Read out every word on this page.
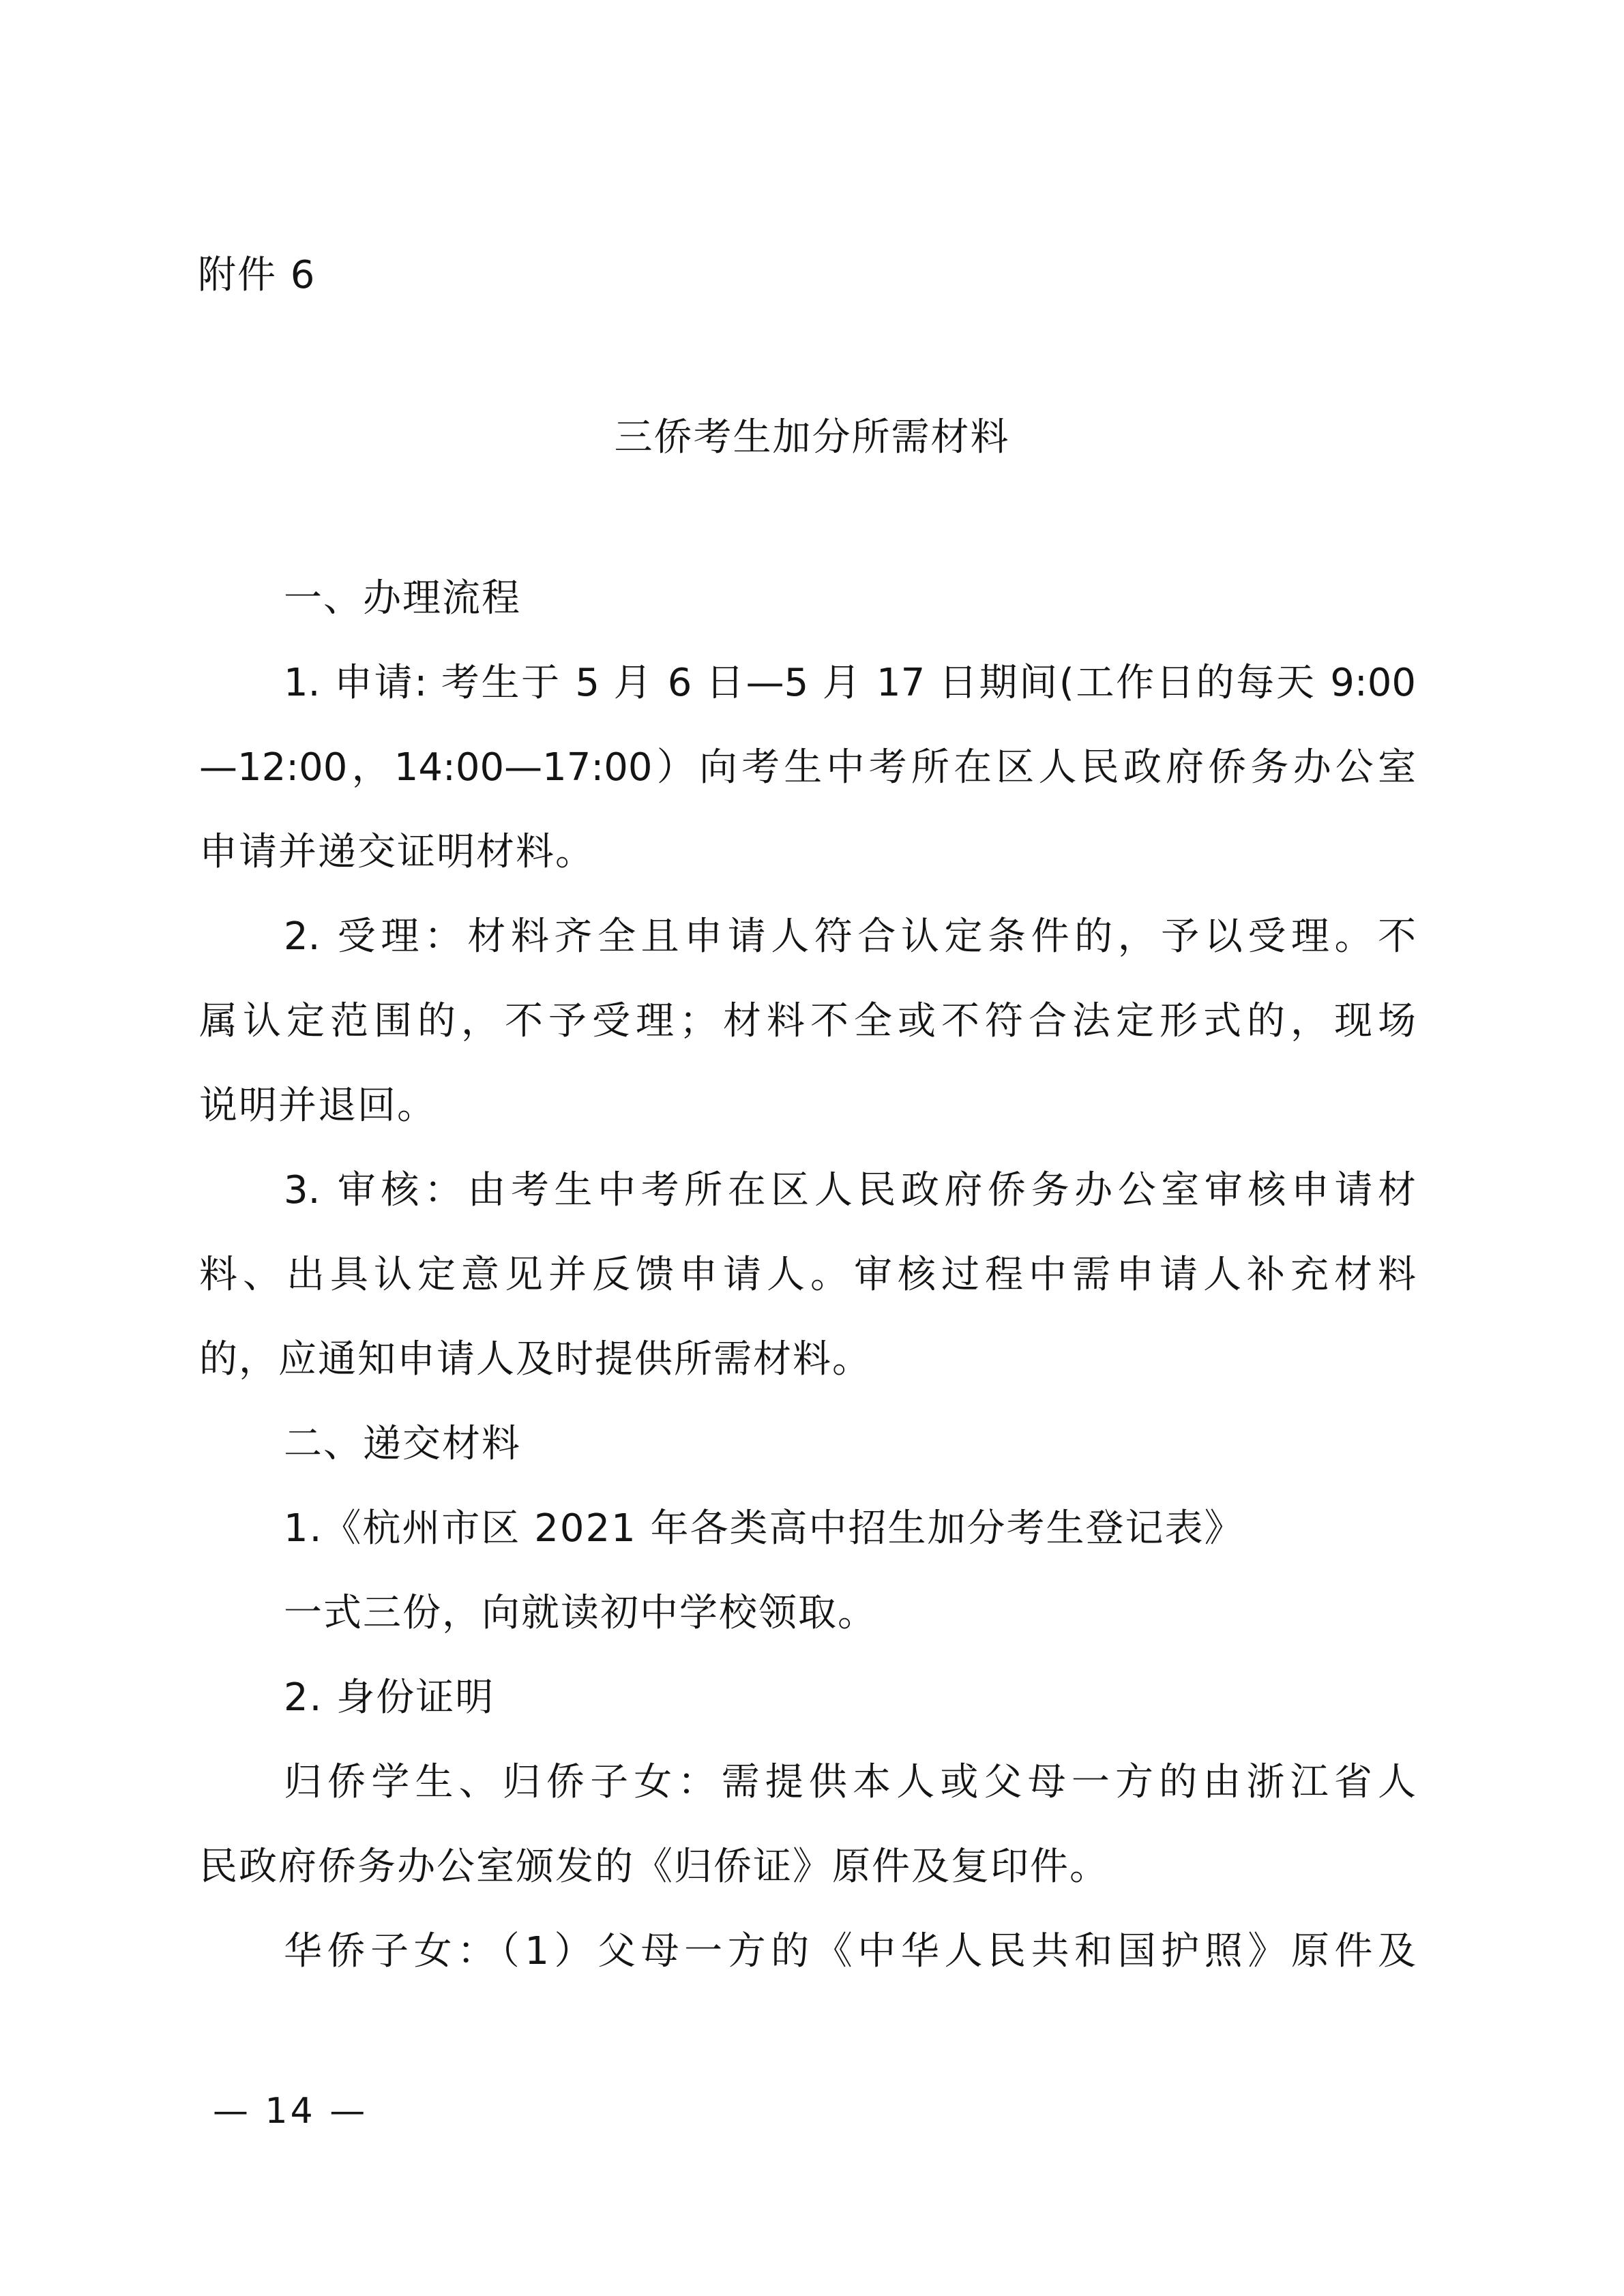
附件 6
三侨考生加分所需材料
一、办理流程
1. 申请: 考生于 5 月 6 日—5 月 17 日期间(工作日的每天 9:00
—12:00，14:00—17:00）向考生中考所在区人民政府侨务办公室
申请并递交证明材料。
2. 受理：材料齐全且申请人符合认定条件的，予以受理。不
属认定范围的，不予受理；材料不全或不符合法定形式的，现场
说明并退回。
3. 审核：由考生中考所在区人民政府侨务办公室审核申请材
料、出具认定意见并反馈申请人。审核过程中需申请人补充材料
的，应通知申请人及时提供所需材料。
二、递交材料
1.《杭州市区 2021 年各类高中招生加分考生登记表》
一式三份，向就读初中学校领取。
2. 身份证明
归侨学生、归侨子女：需提供本人或父母一方的由浙江省人
民政府侨务办公室颁发的《归侨证》原件及复印件。
华侨子女：（1）父母一方的《中华人民共和国护照》原件及
— 14 —
